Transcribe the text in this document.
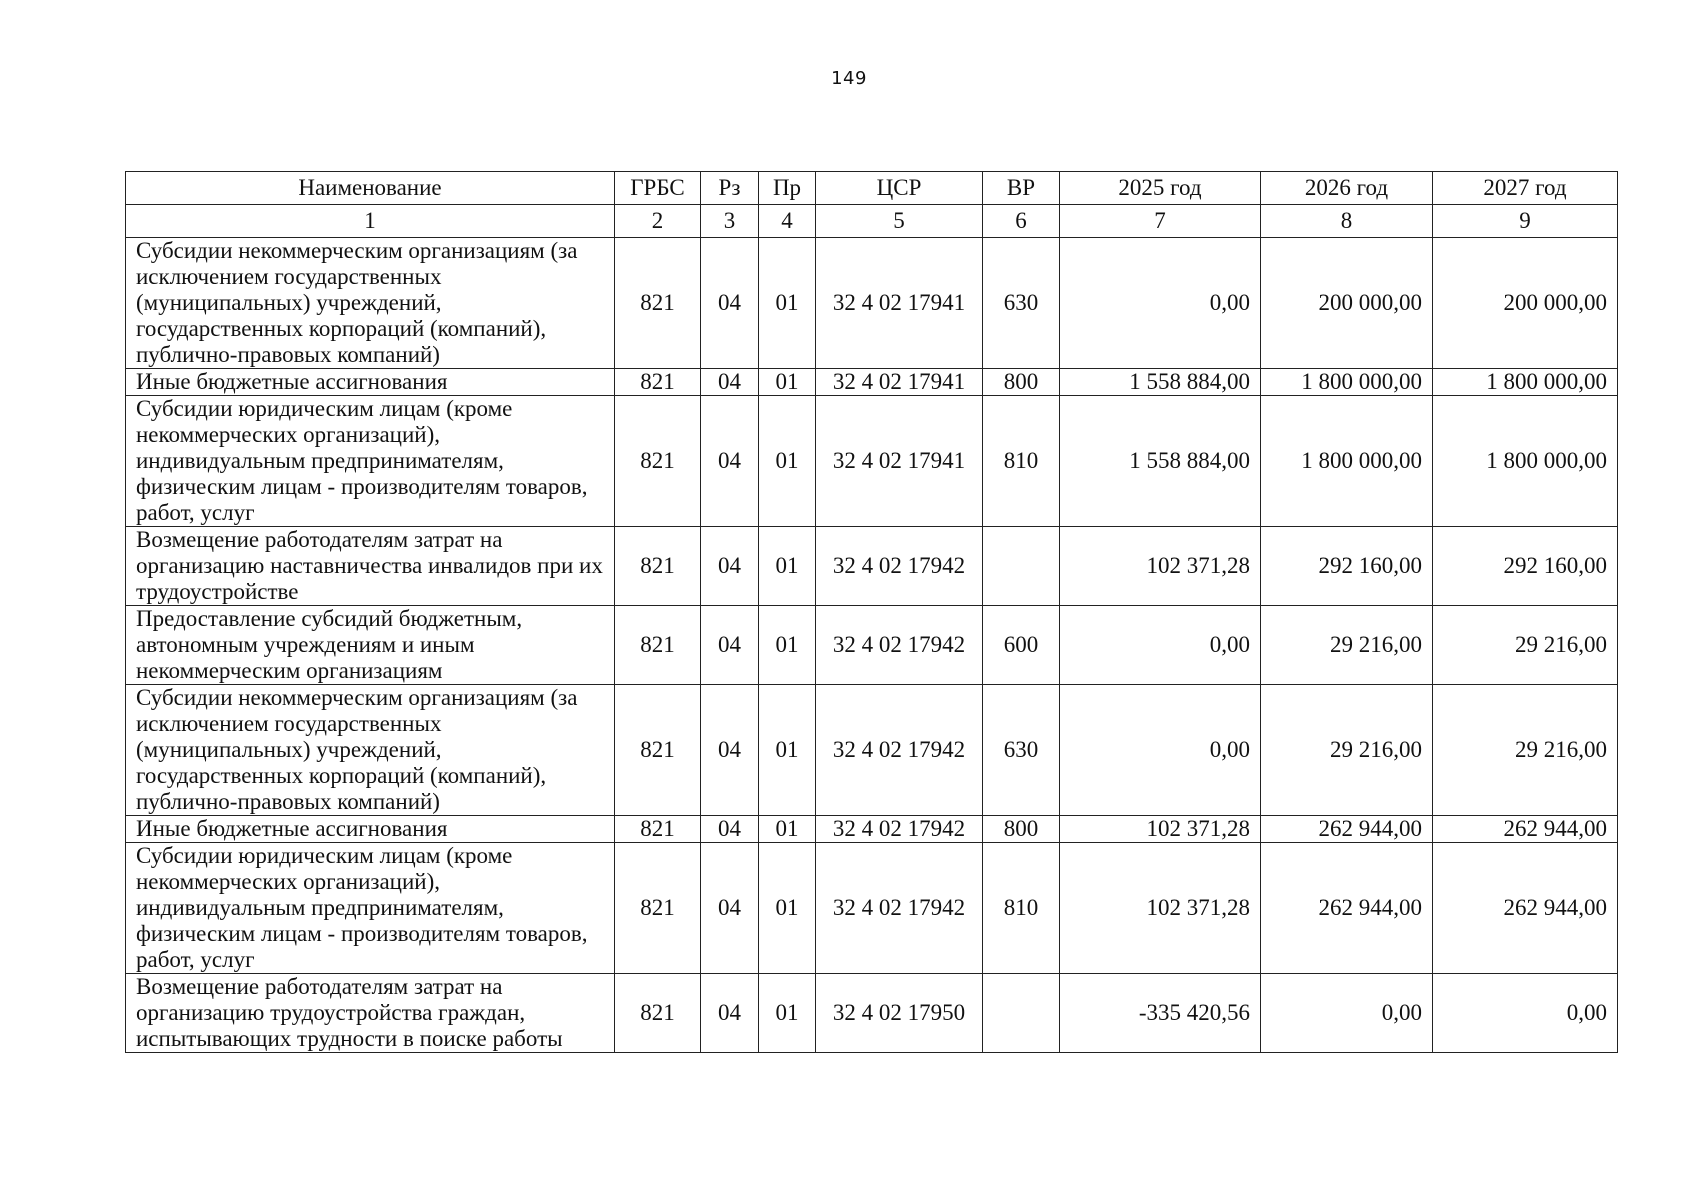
149
Наименование	ГРБС	Рз	Пр	ЦСР	ВР	2025 год	2026 год	2027 год
1	2	3	4	5	6	7	8	9
Субсидии некоммерческим организациям (за исключением государственных (муниципальных) учреждений, государственных корпораций (компаний), публично-правовых компаний)	821	04	01	32 4 02 17941	630	0,00	200 000,00	200 000,00
Иные бюджетные ассигнования	821	04	01	32 4 02 17941	800	1 558 884,00	1 800 000,00	1 800 000,00
Субсидии юридическим лицам (кроме некоммерческих организаций), индивидуальным предпринимателям, физическим лицам - производителям товаров, работ, услуг	821	04	01	32 4 02 17941	810	1 558 884,00	1 800 000,00	1 800 000,00
Возмещение работодателям затрат на организацию наставничества инвалидов при их трудоустройстве	821	04	01	32 4 02 17942		102 371,28	292 160,00	292 160,00
Предоставление субсидий бюджетным, автономным учреждениям и иным некоммерческим организациям	821	04	01	32 4 02 17942	600	0,00	29 216,00	29 216,00
Субсидии некоммерческим организациям (за исключением государственных (муниципальных) учреждений, государственных корпораций (компаний), публично-правовых компаний)	821	04	01	32 4 02 17942	630	0,00	29 216,00	29 216,00
Иные бюджетные ассигнования	821	04	01	32 4 02 17942	800	102 371,28	262 944,00	262 944,00
Субсидии юридическим лицам (кроме некоммерческих организаций), индивидуальным предпринимателям, физическим лицам - производителям товаров, работ, услуг	821	04	01	32 4 02 17942	810	102 371,28	262 944,00	262 944,00
Возмещение работодателям затрат на организацию трудоустройства граждан, испытывающих трудности в поиске работы	821	04	01	32 4 02 17950		-335 420,56	0,00	0,00
